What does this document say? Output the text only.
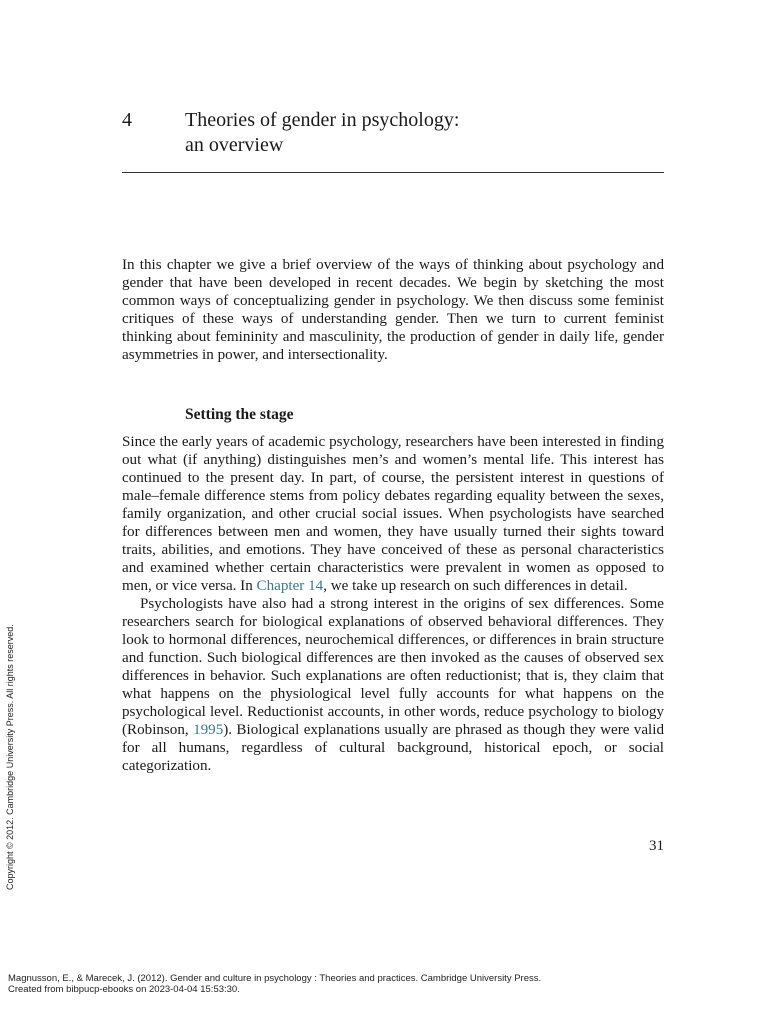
4	Theories of gender in psychology:
an overview

In this chapter we give a brief overview of the ways of thinking about psychology and gender that have been developed in recent decades. We begin by sketching the most common ways of conceptualizing gender in psychology. We then discuss some feminist critiques of these ways of understanding gender. Then we turn to current feminist thinking about femininity and masculinity, the production of gender in daily life, gender asymmetries in power, and intersectionality.

Setting the stage

Since the early years of academic psychology, researchers have been interested in finding out what (if anything) distinguishes men’s and women’s mental life. This interest has continued to the present day. In part, of course, the persistent interest in questions of male–female difference stems from policy debates regarding equality between the sexes, family organization, and other crucial social issues. When psychologists have searched for differences between men and women, they have usually turned their sights toward traits, abilities, and emotions. They have conceived of these as personal characteristics and examined whether certain characteristics were prevalent in women as opposed to men, or vice versa. In Chapter 14, we take up research on such differences in detail.

Psychologists have also had a strong interest in the origins of sex differences. Some researchers search for biological explanations of observed behavioral differences. They look to hormonal differences, neurochemical differences, or differences in brain structure and function. Such biological differences are then invoked as the causes of observed sex differences in behavior. Such explanations are often reductionist; that is, they claim that what happens on the physiological level fully accounts for what happens on the psychological level. Reductionist accounts, in other words, reduce psychology to biology (Robinson, 1995). Biological explanations usually are phrased as though they were valid for all humans, regardless of cultural background, historical epoch, or social categorization.

31
Copyright © 2012. Cambridge University Press. All rights reserved.
Magnusson, E., & Marecek, J. (2012). Gender and culture in psychology : Theories and practices. Cambridge University Press.
Created from bibpucp-ebooks on 2023-04-04 15:53:30.
